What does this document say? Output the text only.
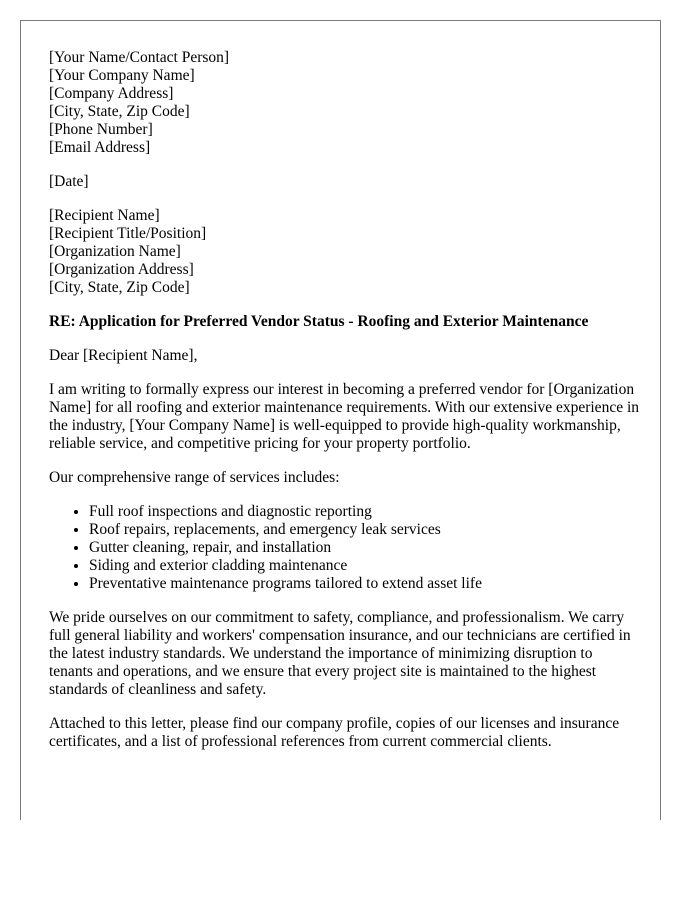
[Your Name/Contact Person]

[Your Company Name]

[Company Address]

[City, State, Zip Code]

[Phone Number]

[Email Address]

[Date]

[Recipient Name]

[Recipient Title/Position]

[Organization Name]

[Organization Address]

[City, State, Zip Code]

RE: Application for Preferred Vendor Status - Roofing and Exterior Maintenance

Dear [Recipient Name],

I am writing to formally express our interest in becoming a preferred vendor for [Organization Name] for all roofing and exterior maintenance requirements. With our extensive experience in the industry, [Your Company Name] is well-equipped to provide high-quality workmanship, reliable service, and competitive pricing for your property portfolio.

Our comprehensive range of services includes:

• Full roof inspections and diagnostic reporting
• Roof repairs, replacements, and emergency leak services
• Gutter cleaning, repair, and installation
• Siding and exterior cladding maintenance
• Preventative maintenance programs tailored to extend asset life

We pride ourselves on our commitment to safety, compliance, and professionalism. We carry full general liability and workers' compensation insurance, and our technicians are certified in the latest industry standards. We understand the importance of minimizing disruption to tenants and operations, and we ensure that every project site is maintained to the highest standards of cleanliness and safety.

Attached to this letter, please find our company profile, copies of our licenses and insurance certificates, and a list of professional references from current commercial clients.
